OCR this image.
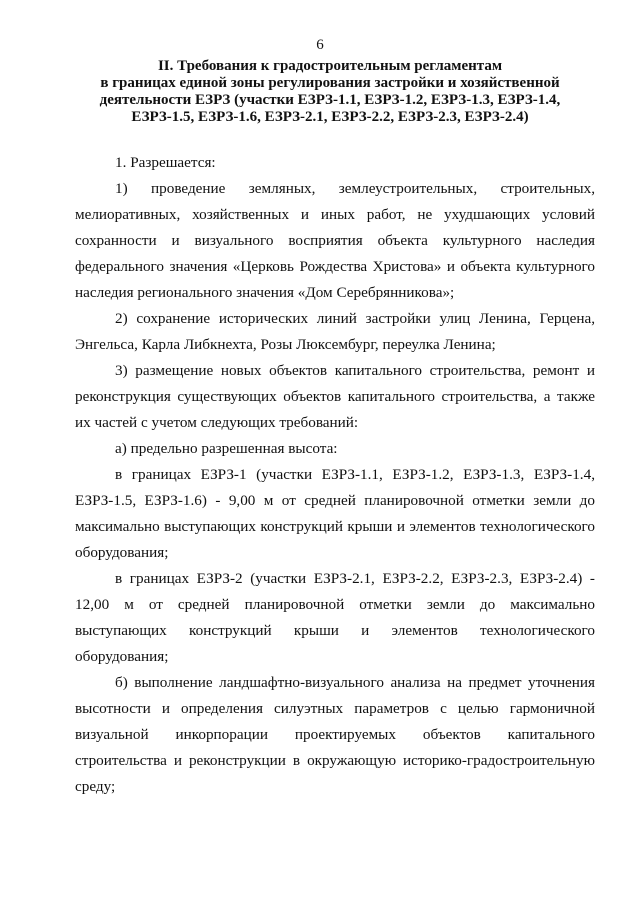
6
II. Требования к градостроительным регламентам
в границах единой зоны регулирования застройки и хозяйственной
деятельности ЕЗРЗ (участки ЕЗРЗ-1.1, ЕЗРЗ-1.2, ЕЗРЗ-1.3, ЕЗРЗ-1.4,
ЕЗРЗ-1.5, ЕЗРЗ-1.6, ЕЗРЗ-2.1, ЕЗРЗ-2.2, ЕЗРЗ-2.3, ЕЗРЗ-2.4)

1. Разрешается:

1) проведение земляных, землеустроительных, строительных, мелиоративных, хозяйственных и иных работ, не ухудшающих условий сохранности и визуального восприятия объекта культурного наследия федерального значения «Церковь Рождества Христова» и объекта культурного наследия регионального значения «Дом Серебрянникова»;

2) сохранение исторических линий застройки улиц Ленина, Герцена, Энгельса, Карла Либкнехта, Розы Люксембург, переулка Ленина;

3) размещение новых объектов капитального строительства, ремонт и реконструкция существующих объектов капитального строительства, а также их частей с учетом следующих требований:

а) предельно разрешенная высота:

в границах ЕЗРЗ-1 (участки ЕЗРЗ-1.1, ЕЗРЗ-1.2, ЕЗРЗ-1.3, ЕЗРЗ-1.4, ЕЗРЗ-1.5, ЕЗРЗ-1.6) - 9,00 м от средней планировочной отметки земли до максимально выступающих конструкций крыши и элементов технологического оборудования;

в границах ЕЗРЗ-2 (участки ЕЗРЗ-2.1, ЕЗРЗ-2.2, ЕЗРЗ-2.3, ЕЗРЗ-2.4) - 12,00 м от средней планировочной отметки земли до максимально выступающих конструкций крыши и элементов технологического оборудования;

б) выполнение ландшафтно-визуального анализа на предмет уточнения высотности и определения силуэтных параметров с целью гармоничной визуальной инкорпорации проектируемых объектов капитального строительства и реконструкции в окружающую историко-градостроительную среду;
